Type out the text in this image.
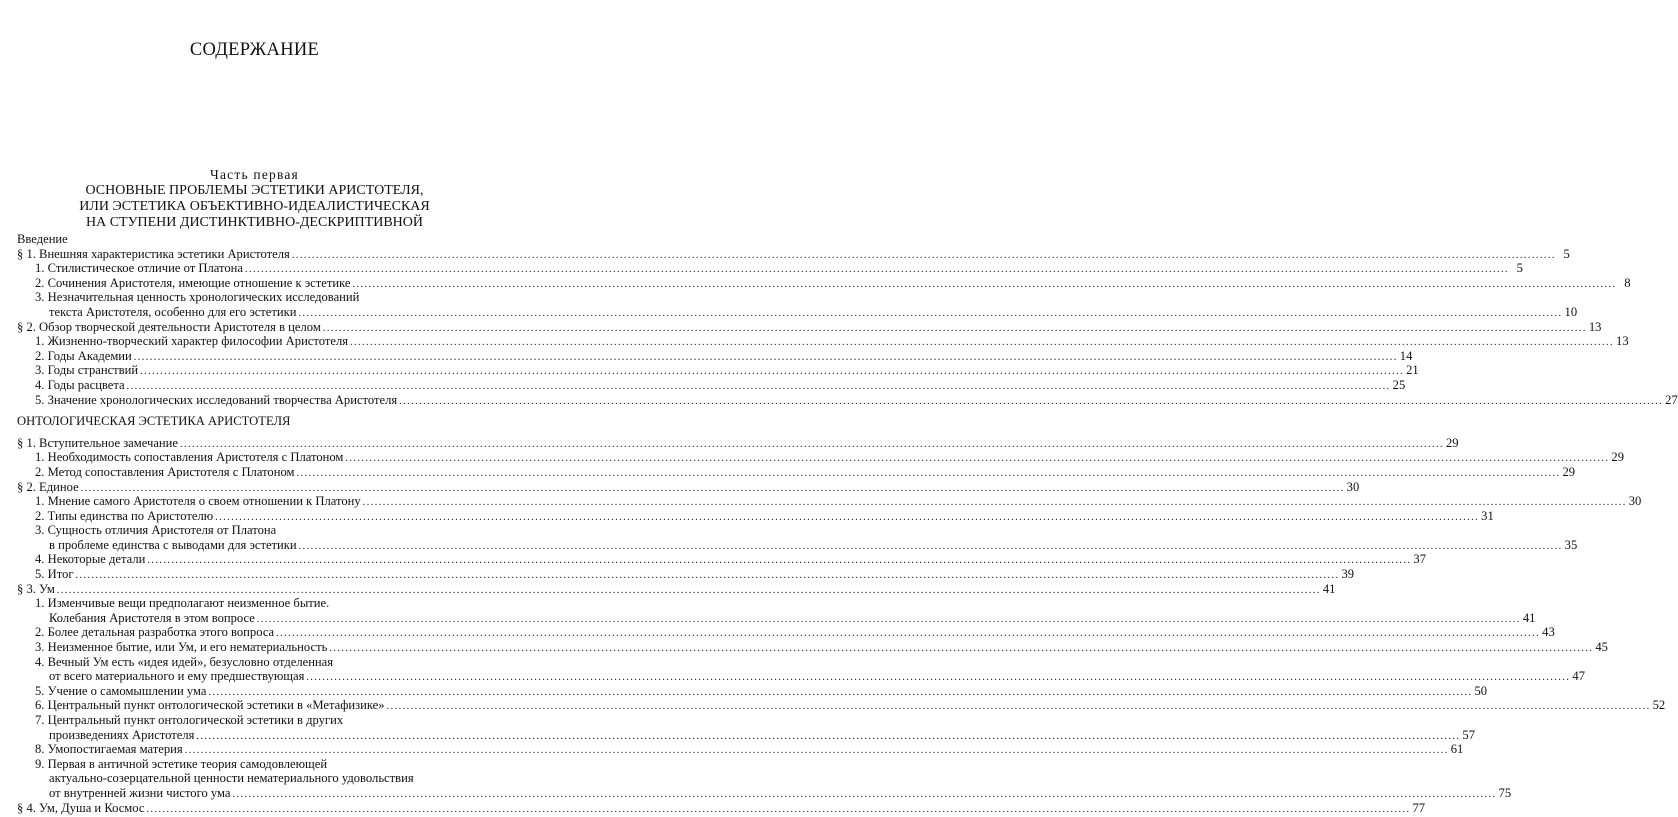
СОДЕРЖАНИЕ
Часть первая
ОСНОВНЫЕ ПРОБЛЕМЫ ЭСТЕТИКИ АРИСТОТЕЛЯ,
ИЛИ ЭСТЕТИКА ОБЪЕКТИВНО-ИДЕАЛИСТИЧЕСКАЯ
НА СТУПЕНИ ДИСТИНКТИВНО-ДЕСКРИПТИВНОЙ
Введение
§ 1. Внешняя характеристика эстетики Аристотеля .....	5
1. Стилистическое отличие от Платона .....	5
2. Сочинения Аристотеля, имеющие отношение к эстетике .....	8
3. Незначительная ценность хронологических исследований
текста Аристотеля, особенно для его эстетики .....	10
§ 2. Обзор творческой деятельности Аристотеля в целом .....	13
1. Жизненно-творческий характер философии Аристотеля .....	13
2. Годы Академии .....	14
3. Годы странствий .....	21
4. Годы расцвета .....	25
5. Значение хронологических исследований творчества Аристотеля .....	27
ОНТОЛОГИЧЕСКАЯ ЭСТЕТИКА АРИСТОТЕЛЯ
§ 1. Вступительное замечание .....	29
1. Необходимость сопоставления Аристотеля с Платоном .....	29
2. Метод сопоставления Аристотеля с Платоном .....	29
§ 2. Единое .....	30
1. Мнение самого Аристотеля о своем отношении к Платону .....	30
2. Типы единства по Аристотелю .....	31
3. Сущность отличия Аристотеля от Платона
в проблеме единства с выводами для эстетики .....	35
4. Некоторые детали .....	37
5. Итог .....	39
§ 3. Ум .....	41
1. Изменчивые вещи предполагают неизменное бытие.
Колебания Аристотеля в этом вопросе .....	41
2. Более детальная разработка этого вопроса .....	43
3. Неизменное бытие, или Ум, и его нематериальность .....	45
4. Вечный Ум есть «идея идей», безусловно отделенная
от всего материального и ему предшествующая .....	47
5. Учение о самомышлении ума .....	50
6. Центральный пункт онтологической эстетики в «Метафизике» .....	52
7. Центральный пункт онтологической эстетики в других
произведениях Аристотеля .....	57
8. Умопостигаемая материя .....	61
9. Первая в античной эстетике теория самодовлеющей
актуально-созерцательной ценности нематериального удовольствия
от внутренней жизни чистого ума .....	75
§ 4. Ум, Душа и Космос .....	77
